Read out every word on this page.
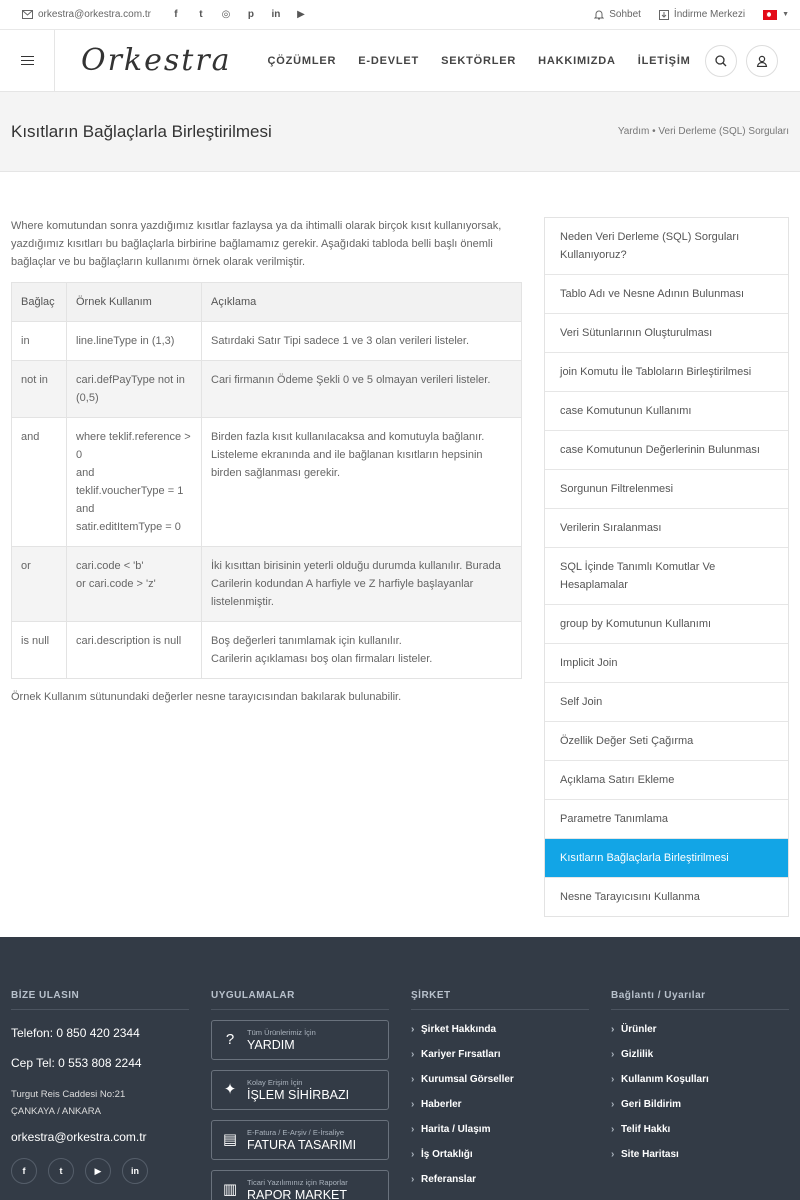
orkestra@orkestra.com.tr	f	t	◎ p in ▶	Sohbet	İndirme Merkezi	▼
Orkestra	ÇÖZÜMLER E-DEVLET SEKTÖRLER HAKKIMIZDA İLETİŞİM
Kısıtların Bağlaçlarla Birleştirilmesi	Yardım • Veri Derleme (SQL) Sorguları

Where komutundan sonra yazdığımız kısıtlar fazlaysa ya da ihtimalli olarak birçok kısıt kullanıyorsak, yazdığımız kısıtları bu bağlaçlarla birbirine bağlamamız gerekir. Aşağıdaki tabloda belli başlı önemli bağlaçlar ve bu bağlaçların kullanımı örnek olarak verilmiştir.

Bağlaç	Örnek Kullanım	Açıklama
in	line.lineType in (1,3)	Satırdaki Satır Tipi sadece 1 ve 3 olan verileri listeler.
not in	cari.defPayType not in (0,5)	Cari firmanın Ödeme Şekli 0 ve 5 olmayan verileri listeler.
and	where teklif.reference > 0
and
teklif.voucherType = 1
and
satir.editItemType = 0	Birden fazla kısıt kullanılacaksa and komutuyla bağlanır. Listeleme ekranında and ile bağlanan kısıtların hepsinin birden sağlanması gerekir.
or	cari.code < 'b'
or cari.code > 'z'	İki kısıttan birisinin yeterli olduğu durumda kullanılır. Burada Carilerin kodundan A harfiyle ve Z harfiyle başlayanlar listelenmiştir.
is null	cari.description is null	Boş değerleri tanımlamak için kullanılır.
Carilerin açıklaması boş olan firmaları listeler.

Örnek Kullanım sütunundaki değerler nesne tarayıcısından bakılarak bulunabilir.

Neden Veri Derleme (SQL) Sorguları Kullanıyoruz?
Tablo Adı ve Nesne Adının Bulunması
Veri Sütunlarının Oluşturulması
join Komutu İle Tabloların Birleştirilmesi
case Komutunun Kullanımı
case Komutunun Değerlerinin Bulunması
Sorgunun Filtrelenmesi
Verilerin Sıralanması
SQL İçinde Tanımlı Komutlar Ve Hesaplamalar
group by Komutunun Kullanımı
Implicit Join
Self Join
Özellik Değer Seti Çağırma
Açıklama Satırı Ekleme
Parametre Tanımlama
Kısıtların Bağlaçlarla Birleştirilmesi
Nesne Tarayıcısını Kullanma
BİZE ULASIN

Telefon: 0 850 420 2344

Cep Tel: 0 553 808 2244

Turgut Reis Caddesi No:21
ÇANKAYA / ANKARA

orkestra@orkestra.com.tr

f	t	▶	in
UYGULAMALAR
?	Tüm Ürünlerimiz İçin
YARDIM
✦	Kolay Erişim İçin
İŞLEM SİHİRBAZI
▤ E-Fatura / E-Arşiv / E-İrsaliye
FATURA TASARIMI
▥ Ticari Yazılımınız için Raporlar
RAPOR MARKET
ŞİRKET
› › Şirket Hakkında
› Kariyer Fırsatları
› Kurumsal Görseller
› Haberler
› Harita / Ulaşım
› İş Ortaklığı
› Referanslar
Bağlantı / Uyarılar
› › Ürünler
› Gizlilik
› Kullanım Koşulları
› Geri Bildirim
› Telif Hakkı
› Site Haritası
